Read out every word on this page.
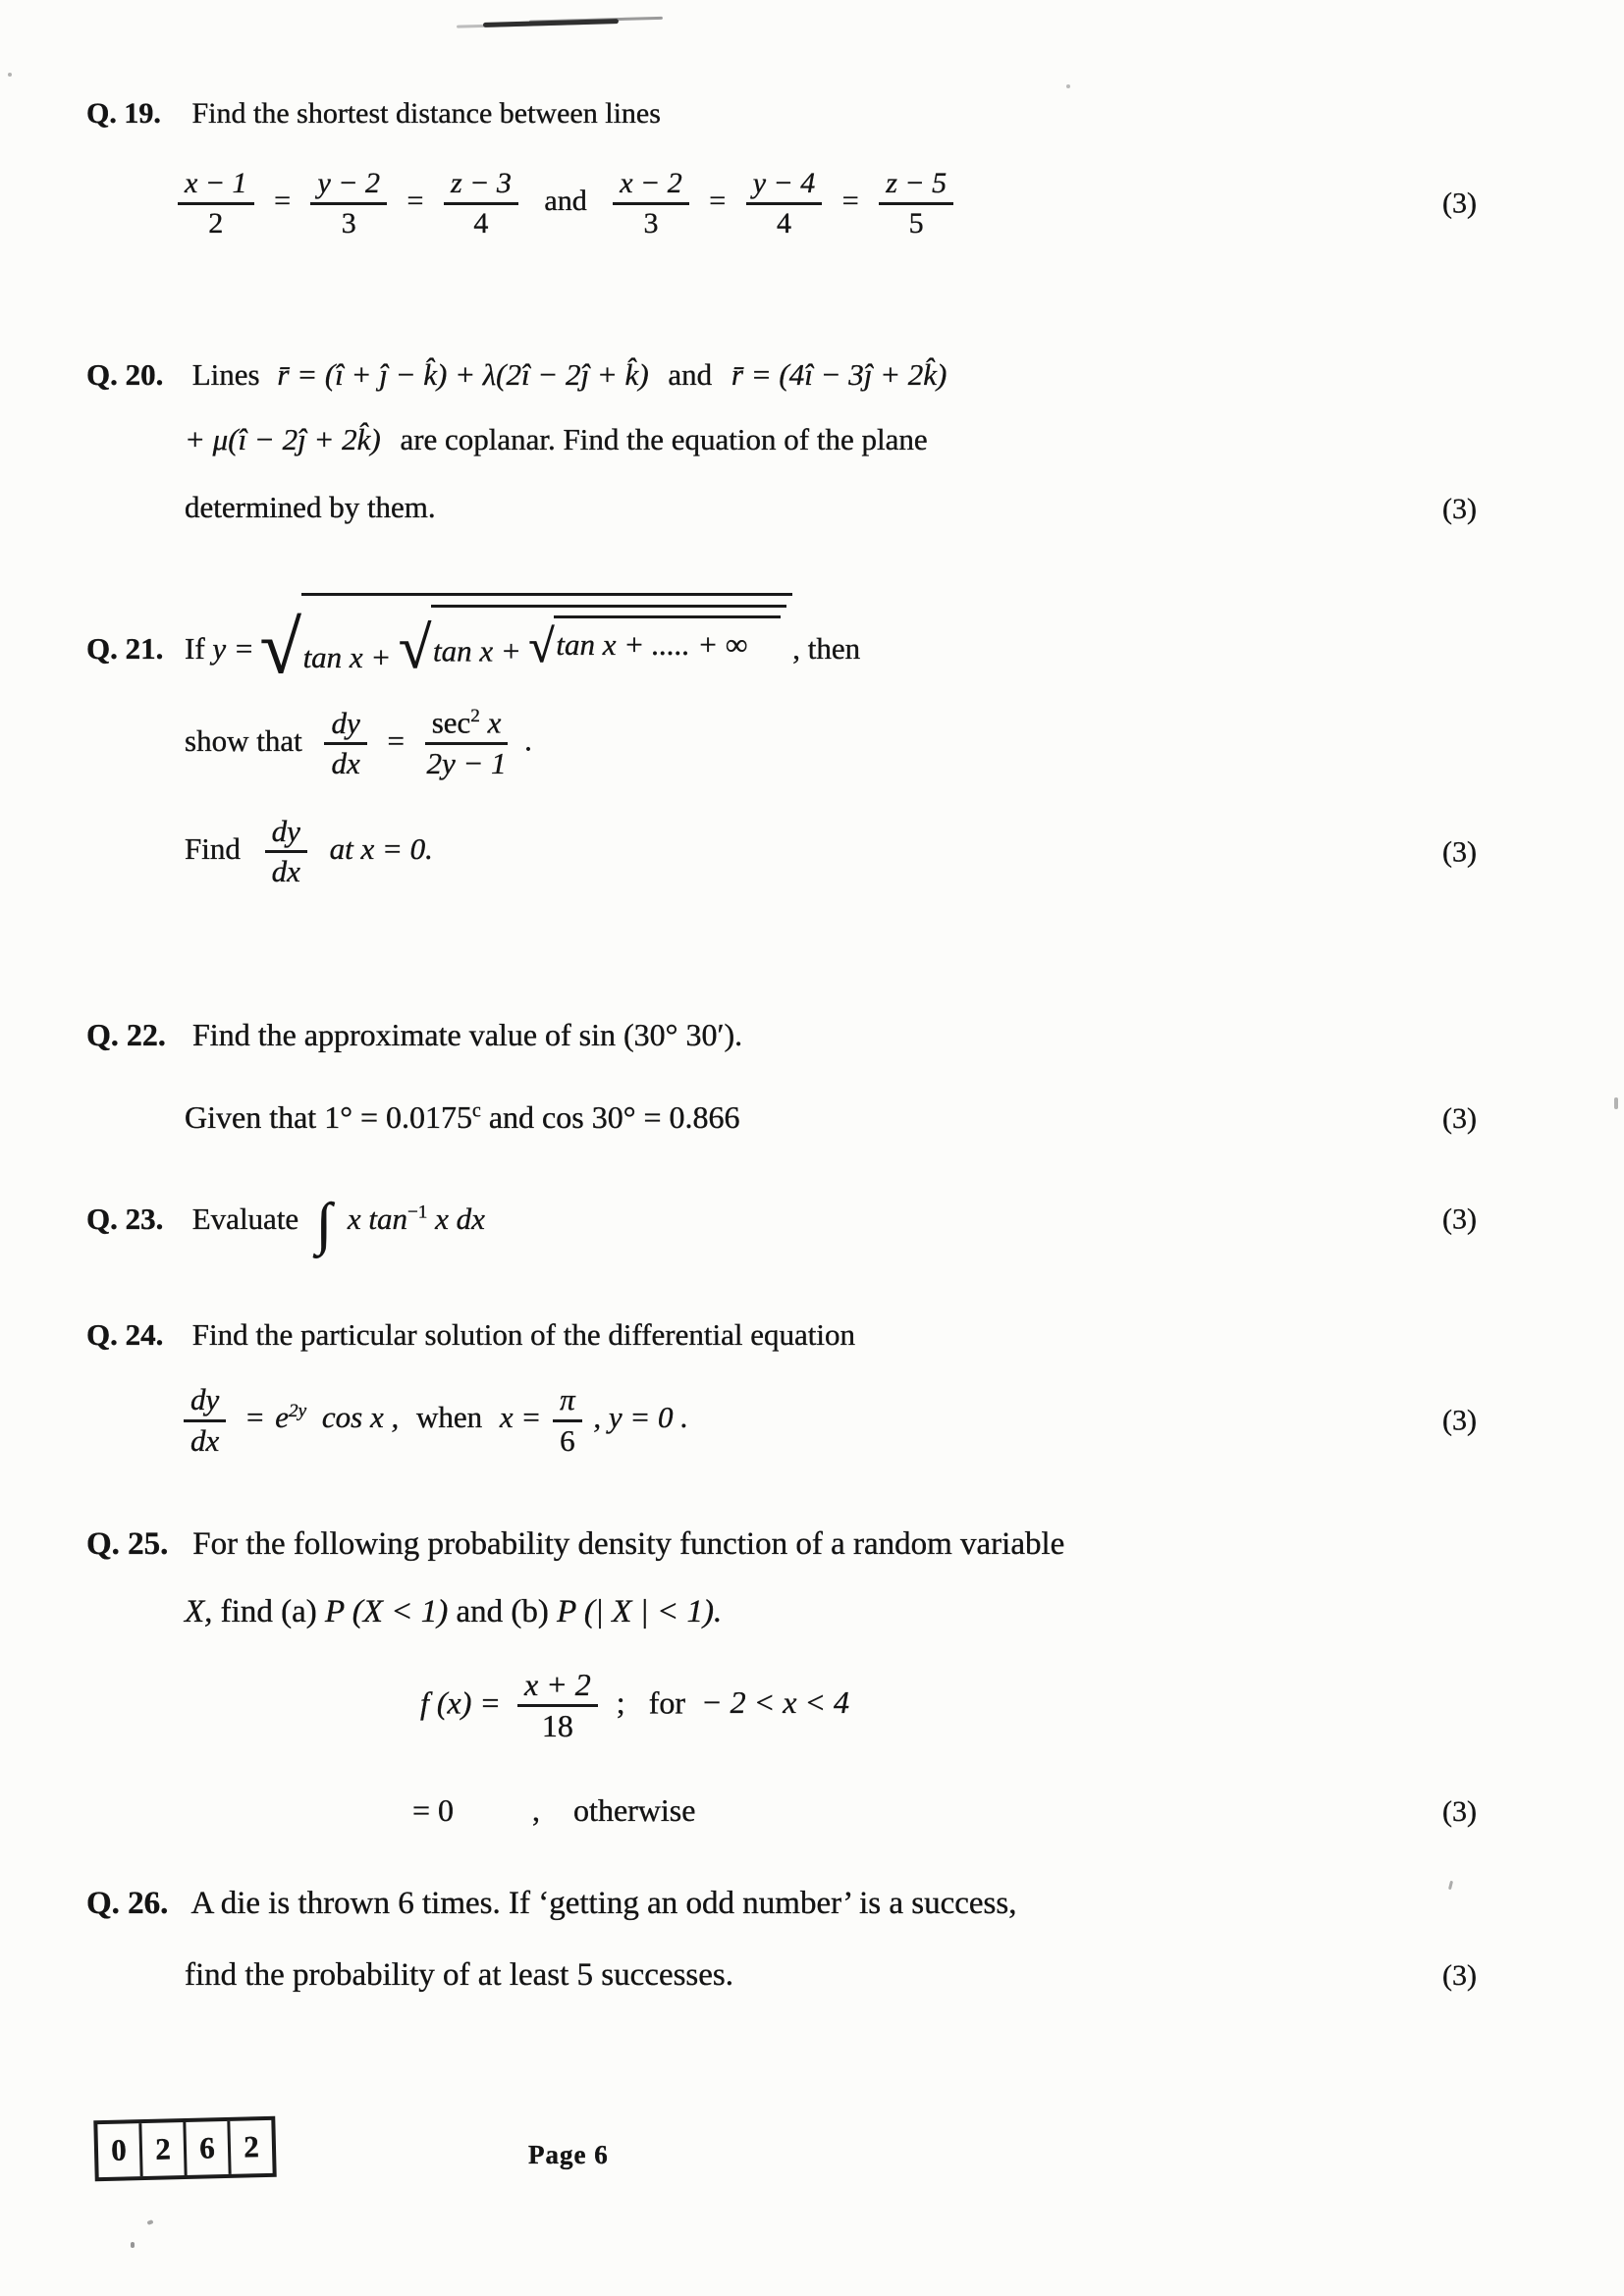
Q. 19. Find the shortest distance between lines
$\frac{x - 1}{2} = \frac{y - 2}{3} = \frac{z - 3}{4}$ and $\frac{x - 2}{3} = \frac{y - 4}{4} = \frac{z - 5}{5}$	(3)
Q. 20. Lines r̄ = (î + ĵ − k̂) + λ(2î − 2ĵ + k̂) and r̄ = (4î − 3ĵ + 2k̂)
+ μ(î − 2ĵ + 2k̂) are coplanar. Find the equation of the plane
determined by them.	(3)
Q. 21. If y = √ tan x + √ tan x + √ tan x + ..... + ∞	, then
show that $\frac{dy}{dx} = \frac{\sec^2 x}{2y - 1}$ .
Find $\frac{dy}{dx}$ at x = 0.	(3)
Q. 22. Find the approximate value of sin (30° 30′).
Given that 1° = 0.0175$^c$ and cos 30° = 0.866	(3)
Q. 23. Evaluate ∫ x $\tan^{-1} x$ dx	(3)
Q. 24. Find the particular solution of the differential equation
$\frac{dy}{dx} = e^{2y}$ cos x , when $x = \frac{\pi}{6}$ , y = 0 .	(3)
Q. 25. For the following probability density function of a random variable
X, find (a) P (X < 1) and (b) P (| X | < 1).
f $(x) = \frac{x + 2}{18}$ ; for − 2 < x < 4
= 0	, otherwise	(3)
Q. 26. A die is thrown 6 times. If ‘getting an odd number’ is a success,
find the probability of at least 5 successes.	(3)
0 2 6 2	Page 6
